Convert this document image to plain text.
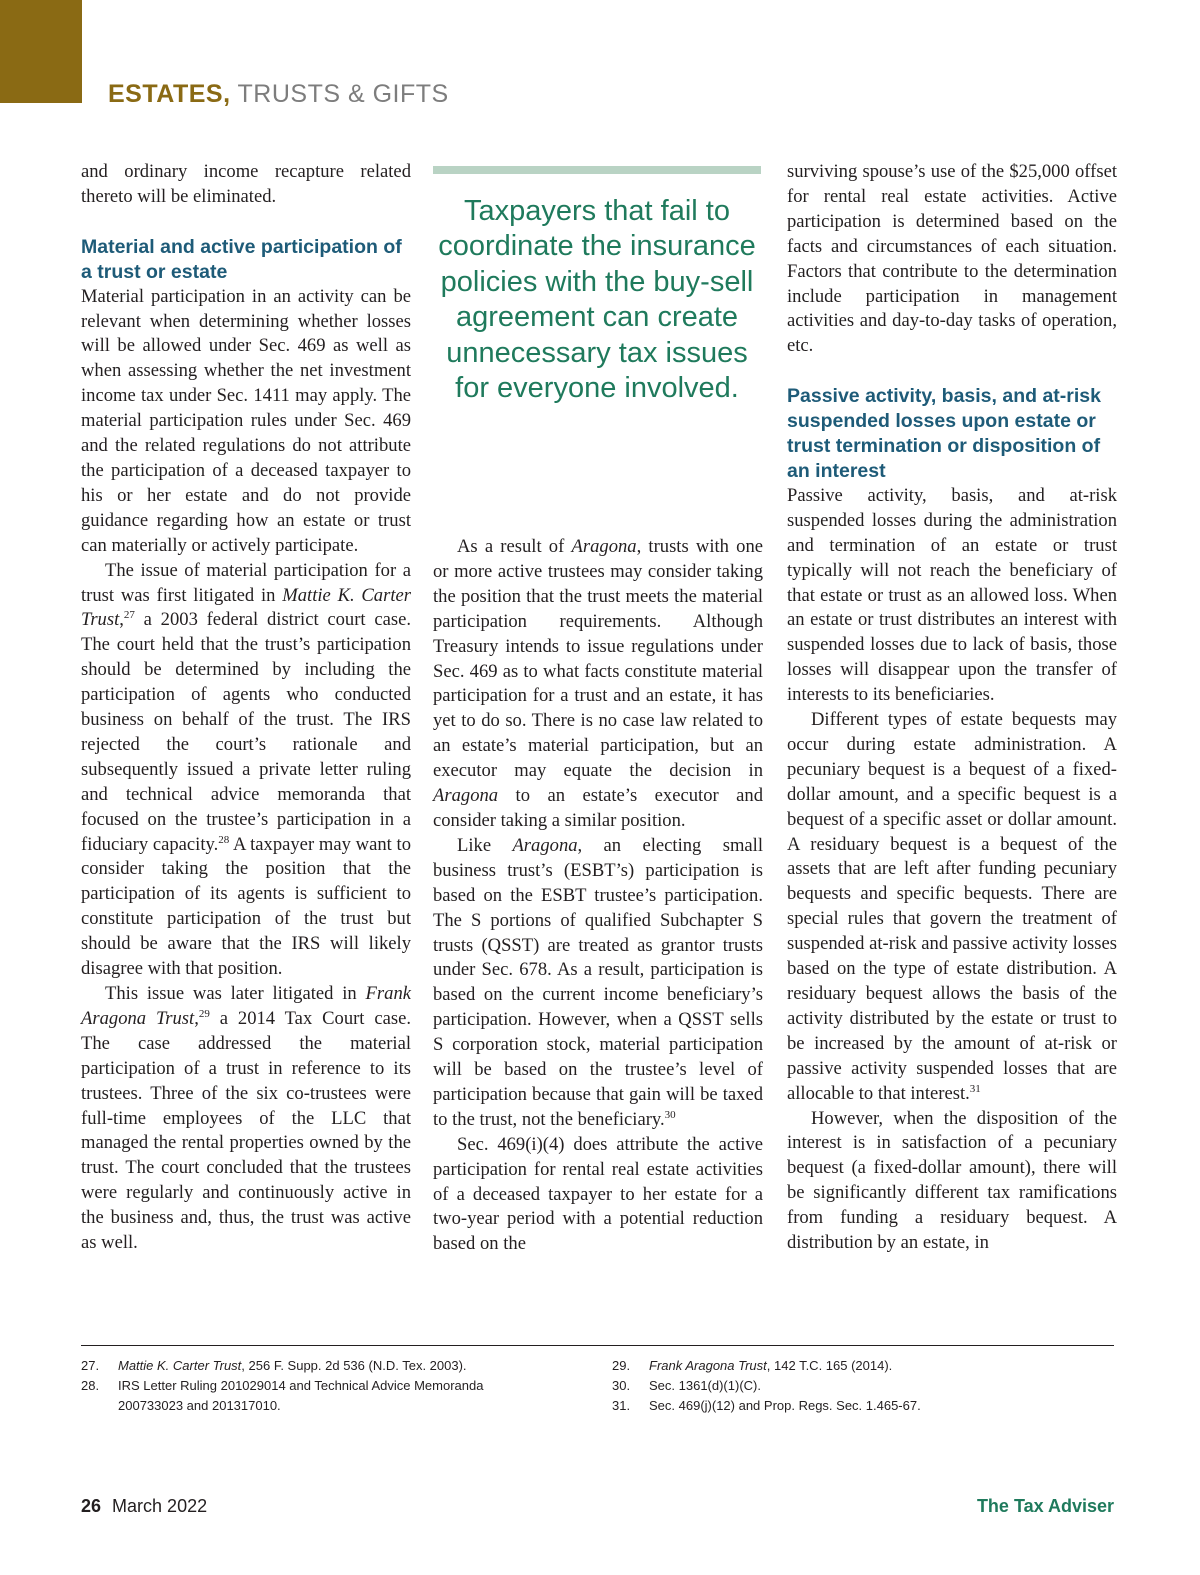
ESTATES, TRUSTS & GIFTS

and ordinary income recapture related thereto will be eliminated.

Material and active participation of a trust or estate

Material participation in an activity can be relevant when determining whether losses will be allowed under Sec. 469 as well as when assessing whether the net investment income tax under Sec. 1411 may apply. The material participation rules under Sec. 469 and the related regulations do not attribute the participation of a deceased taxpayer to his or her estate and do not provide guidance regarding how an estate or trust can materially or actively participate.

The issue of material participation for a trust was first litigated in Mattie K. Carter Trust,$^{27}$ a 2003 federal district court case. The court held that the trust’s participation should be determined by including the participation of agents who conducted business on behalf of the trust. The IRS rejected the court’s rationale and subsequently issued a private letter ruling and technical advice memoranda that focused on the trustee’s participation in a fiduciary capacity.$^{28}$ A taxpayer may want to consider taking the position that the participation of its agents is sufficient to constitute participation of the trust but should be aware that the IRS will likely disagree with that position.

This issue was later litigated in Frank Aragona Trust,$^{29}$ a 2014 Tax Court case. The case addressed the material participation of a trust in reference to its trustees. Three of the six co-trustees were full-time employees of the LLC that managed the rental properties owned by the trust. The court concluded that the trustees were regularly and continuously active in the business and, thus, the trust was active as well.

Taxpayers that fail to coordinate the insurance policies with the buy-sell agreement can create unnecessary tax issues for everyone involved.

As a result of Aragona, trusts with one or more active trustees may consider taking the position that the trust meets the material participation requirements. Although Treasury intends to issue regulations under Sec. 469 as to what facts constitute material participation for a trust and an estate, it has yet to do so. There is no case law related to an estate’s material participation, but an executor may equate the decision in Aragona to an estate’s executor and consider taking a similar position.

Like Aragona, an electing small business trust’s (ESBT’s) participation is based on the ESBT trustee’s participation. The S portions of qualified Subchapter S trusts (QSST) are treated as grantor trusts under Sec. 678. As a result, participation is based on the current income beneficiary’s participation. However, when a QSST sells S corporation stock, material participation will be based on the trustee’s level of participation because that gain will be taxed to the trust, not the beneficiary.$^{30}$

Sec. 469(i)(4) does attribute the active participation for rental real estate activities of a deceased taxpayer to her estate for a two-year period with a potential reduction based on the

surviving spouse’s use of the $25,000 offset for rental real estate activities. Active participation is determined based on the facts and circumstances of each situation. Factors that contribute to the determination include participation in management activities and day-to-day tasks of operation, etc.

Passive activity, basis, and at-risk suspended losses upon estate or trust termination or disposition of an interest

Passive activity, basis, and at-risk suspended losses during the administration and termination of an estate or trust typically will not reach the beneficiary of that estate or trust as an allowed loss. When an estate or trust distributes an interest with suspended losses due to lack of basis, those losses will disappear upon the transfer of interests to its beneficiaries.

Different types of estate bequests may occur during estate administration. A pecuniary bequest is a bequest of a fixed-dollar amount, and a specific bequest is a bequest of a specific asset or dollar amount. A residuary bequest is a bequest of the assets that are left after funding pecuniary bequests and specific bequests. There are special rules that govern the treatment of suspended at-risk and passive activity losses based on the type of estate distribution. A residuary bequest allows the basis of the activity distributed by the estate or trust to be increased by the amount of at-risk or passive activity suspended losses that are allocable to that interest.$^{31}$

However, when the disposition of the interest is in satisfaction of a pecuniary bequest (a fixed-dollar amount), there will be significantly different tax ramifications from funding a residuary bequest. A distribution by an estate, in

27.	Mattie K. Carter Trust, 256 F. Supp. 2d 536 (N.D. Tex. 2003).
28.	IRS Letter Ruling 201029014 and Technical Advice Memoranda 200733023 and 201317010.
29.	Frank Aragona Trust, 142 T.C. 165 (2014).
30.	Sec. 1361(d)(1)(C).
31.	Sec. 469(j)(12) and Prop. Regs. Sec. 1.465-67.
26 March 2022	The Tax Adviser
